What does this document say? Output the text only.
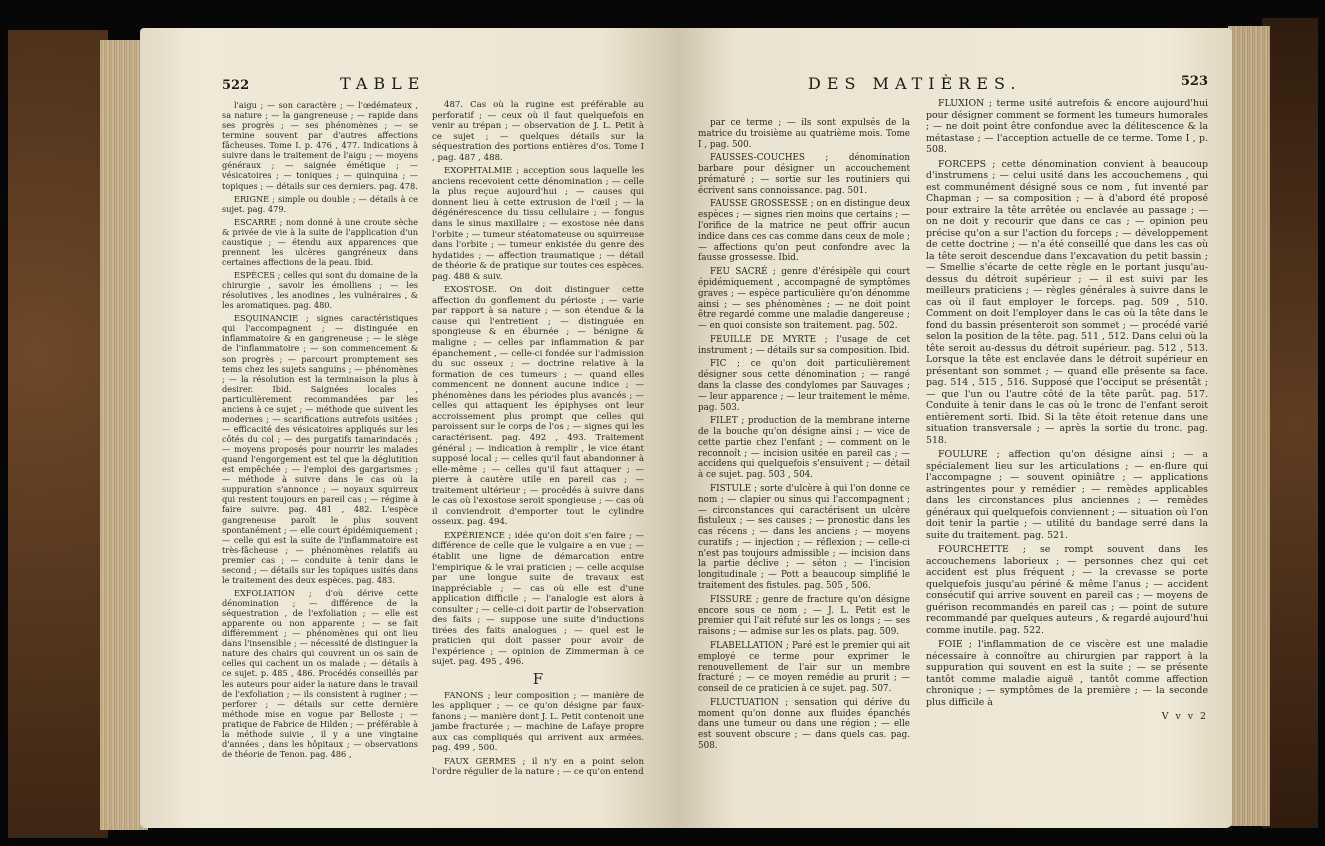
522	TABLE

l'aigu ; — son caractère ; — l'œdémateux , sa nature ; — la gangreneuse ; — rapide dans ses progrès ; — ses phénomènes ; — se termine souvent par d'autres affections fâcheuses. Tome I. p. 476 , 477. Indications à suivre dans le traitement de l'aigu ; — moyens généraux ; — saignée émétique ; — vésicatoires ; — toniques ; — quinquina ; — topiques ; — détails sur ces derniers. pag. 478.

ERIGNE ; simple ou double ; — détails à ce sujet. pag. 479.

ESCARRE ; nom donné à une croute sèche & privée de vie à la suite de l'application d'un caustique ; — étendu aux apparences que prennent les ulcères gangréneux dans certaines affections de la peau. Ibid.

ESPÈCES ; celles qui sont du domaine de la chirurgie , savoir les émolliens ; — les résolutives , les anodines , les vulnéraires , & les aromatiques. pag. 480.

ESQUINANCIE ; signes caractéristiques qui l'accompagnent ; — distinguée en inflammatoire & en gangreneuse ; — le siège de l'inflammatoire ; — son commencement & son progrès ; — parcourt promptement ses tems chez les sujets sanguins ; — phénomènes ; — la résolution est la terminaison la plus à desirer. Ibid. Saignées locales , particulièrement recommandées par les anciens à ce sujet ; — méthode que suivent les modernes ; — scarifications autrefois usitées ; — efficacité des vésicatoires appliqués sur les côtés du col ; — des purgatifs tamarindacés ; — moyens proposés pour nourrir les malades quand l'engorgement est tel que la déglutition est empêchée ; — l'emploi des gargarismes ; — méthode à suivre dans le cas où la suppuration s'annonce ; — noyaux squirreux qui restent toujours en pareil cas ; — régime à faire suivre. pag. 481 , 482. L'espèce gangreneuse paroît le plus souvent spontanément ; — elle court épidémiquement ; — celle qui est la suite de l'inflammatoire est très-fâcheuse ; — phénomènes relatifs au premier cas ; — conduite à tenir dans le second ; — détails sur les topiques usités dans le traitement des deux espèces. pag. 483.

EXFOLIATION ; d'où dérive cette dénomination ; — différence de la séquestration , de l'exfoliation ; — elle est apparente ou non apparente ; — se fait différemment ; — phénomènes qui ont lieu dans l'insensible ; — nécessité de distinguer la nature des chairs qui couvrent un os sain de celles qui cachent un os malade ; — détails à ce sujet. p. 485 , 486. Procédés conseillés par les auteurs pour aider la nature dans le travail de l'exfoliation ; — ils consistent à ruginer ; — perforer ; — détails sur cette dernière méthode mise en vogue par Belloste ; — pratique de Fabrice de Hilden ; — préférable à la méthode suivie , il y a une vingtaine d'années , dans les hôpitaux ; — observations de théorie de Tenon. pag. 486 ,

487. Cas où la rugine est préférable au perforatif ; — ceux où il faut quelquefois en venir au trépan ; — observation de J. L. Petit à ce sujet ; — quelques détails sur la séquestration des portions entières d'os. Tome I , pag. 487 , 488.

EXOPHTALMIE ; acception sous laquelle les anciens recevoient cette dénomination ; — celle la plus reçue aujourd'hui ; — causes qui donnent lieu à cette extrusion de l'œil ; — la dégénérescence du tissu cellulaire ; — fongus dans le sinus maxillaire ; — exostose née dans l'orbite ; — tumeur stéatomateuse ou squirreuse dans l'orbite ; — tumeur enkistée du genre des hydatides ; — affection traumatique ; — détail de théorie & de pratique sur toutes ces espèces. pag. 488 & suiv.

EXOSTOSE. On doit distinguer cette affection du gonflement du périoste ; — varie par rapport à sa nature ; — son étendue & la cause qui l'entretient ; — distinguée en spongieuse & en éburnée ; — bénigne & maligne ; — celles par inflammation & par épanchement , — celle-ci fondée sur l'admission du suc osseux ; — doctrine relative à la formation de ces tumeurs ; — quand elles commencent ne donnent aucune indice ; — phénomènes dans les périodes plus avancés ; — celles qui attaquent les épiphyses ont leur accroissement plus prompt que celles qui paroissent sur le corps de l'os ; — signes qui les caractérisent. pag. 492 , 493. Traitement général ; — indication à remplir , le vice étant supposé local ; — celles qu'il faut abandonner à elle-même ; — celles qu'il faut attaquer ; — pierre à cautère utile en pareil cas ; — traitement ultérieur ; — procédés à suivre dans le cas où l'exostose seroit spongieuse ; — cas où il conviendroit d'emporter tout le cylindre osseux. pag. 494.

EXPÉRIENCE ; idée qu'on doit s'en faire ; — différence de celle que le vulgaire a en vue ; — établit une ligne de démarcation entre l'empirique & le vrai praticien ; — celle acquise par une longue suite de travaux est inappréciable ; — cas où elle est d'une application difficile ; — l'analogie est alors à consulter ; — celle-ci doit partir de l'observation des faits ; — suppose une suite d'inductions tirées des faits analogues ; — quel est le praticien qui doit passer pour avoir de l'expérience ; — opinion de Zimmerman à ce sujet. pag. 495 , 496.

F

FANONS ; leur composition ; — manière de les appliquer ; — ce qu'on désigne par faux-fanons ; — manière dont J. L. Petit contenoit une jambe fracturée ; — machine de Lafaye propre aux cas compliqués qui arrivent aux armées. pag. 499 , 500.

FAUX GERMES ; il n'y en a point selon l'ordre régulier de la nature ; — ce qu'on entend

DES MATIÈRES.	523

par ce terme ; — ils sont expulsés de la matrice du troisième au quatrième mois. Tome I , pag. 500.

FAUSSES-COUCHES ; dénomination barbare pour désigner un accouchement prématuré ; — sortie sur les routiniers qui écrivent sans connoissance. pag. 501.

FAUSSE GROSSESSE ; on en distingue deux espèces ; — signes rien moins que certains ; — l'orifice de la matrice ne peut offrir aucun indice dans ces cas comme dans ceux de mole ; — affections qu'on peut confondre avec la fausse grossesse. Ibid.

FEU SACRÉ ; genre d'érésipèle qui court épidémiquement , accompagné de symptômes graves ; — espèce particulière qu'on dénomme ainsi ; — ses phénomènes ; — ne doit point être regardé comme une maladie dangereuse ; — en quoi consiste son traitement. pag. 502.

FEUILLE DE MYRTE ; l'usage de cet instrument ; — détails sur sa composition. Ibid.

FIC ; ce qu'on doit particulièrement désigner sous cette dénomination ; — rangé dans la classe des condylomes par Sauvages ; — leur apparence ; — leur traitement le même. pag. 503.

FILET ; production de la membrane interne de la bouche qu'on désigne ainsi ; — vice de cette partie chez l'enfant ; — comment on le reconnoît ; — incision usitée en pareil cas ; — accidens qui quelquefois s'ensuivent ; — détail à ce sujet. pag. 503 , 504.

FISTULE ; sorte d'ulcère à qui l'on donne ce nom ; — clapier ou sinus qui l'accompagnent ; — circonstances qui caractérisent un ulcère fistuleux ; — ses causes ; — pronostic dans les cas récens ; — dans les anciens ; — moyens curatifs ; — injection ; — réflexion ; — celle-ci n'est pas toujours admissible ; — incision dans la partie déclive ; — séton ; — l'incision longitudinale ; — Pott a beaucoup simplifié le traitement des fistules. pag. 505 , 506.

FISSURE ; genre de fracture qu'on désigne encore sous ce nom ; — J. L. Petit est le premier qui l'ait réfuté sur les os longs ; — ses raisons ; — admise sur les os plats. pag. 509.

FLABELLATION ; Paré est le premier qui ait employé ce terme pour exprimer le renouvellement de l'air sur un membre fracturé ; — ce moyen remédie au prurit ; — conseil de ce praticien à ce sujet. pag. 507.

FLUCTUATION ; sensation qui dérive du moment qu'on donne aux fluides épanchés dans une tumeur ou dans une région ; — elle est souvent obscure ; — dans quels cas. pag. 508.

FLUXION ; terme usité autrefois & encore aujourd'hui pour désigner comment se forment les tumeurs humorales ; — ne doit point être confondue avec la délitescence & la métastase ; — l'acception actuelle de ce terme. Tome I , p. 508.

FORCEPS ; cette dénomination convient à beaucoup d'instrumens ; — celui usité dans les accouchemens , qui est communément désigné sous ce nom , fut inventé par Chapman ; — sa composition ; — à d'abord été proposé pour extraire la tête arrêtée ou enclavée au passage ; — on ne doit y recourir que dans ce cas ; — opinion peu précise qu'on a sur l'action du forceps ; — développement de cette doctrine ; — n'a été conseillé que dans les cas où la tête seroit descendue dans l'excavation du petit bassin ; — Smellie s'écarte de cette règle en le portant jusqu'au-dessus du détroit supérieur ; — il est suivi par les meilleurs praticiens ; — règles générales à suivre dans le cas où il faut employer le forceps. pag. 509 , 510. Comment on doit l'employer dans le cas où la tête dans le fond du bassin présenteroit son sommet ; — procédé varié selon la position de la tête. pag. 511 , 512. Dans celui où la tête seroit au-dessus du détroit supérieur. pag. 512 , 513. Lorsque la tête est enclavée dans le détroit supérieur en présentant son sommet ; — quand elle présente sa face. pag. 514 , 515 , 516. Supposé que l'occiput se présentât ; — que l'un ou l'autre côté de la tête parût. pag. 517. Conduite à tenir dans le cas où le tronc de l'enfant seroit entièrement sorti. Ibid. Si la tête étoit retenue dans une situation transversale ; — après la sortie du tronc. pag. 518.

FOULURE ; affection qu'on désigne ainsi ; — a spécialement lieu sur les articulations ; — en-flure qui l'accompagne ; — souvent opiniâtre ; — applications astringentes pour y remédier ; — remèdes applicables dans les circonstances plus anciennes ; — remèdes généraux qui quelquefois conviennent ; — situation où l'on doit tenir la partie ; — utilité du bandage serré dans la suite du traitement. pag. 521.

FOURCHETTE ; se rompt souvent dans les accouchemens laborieux ; — personnes chez qui cet accident est plus fréquent ; — la crevasse se porte quelquefois jusqu'au périné & même l'anus ; — accident consécutif qui arrive souvent en pareil cas ; — moyens de guérison recommandés en pareil cas ; — point de suture recommandé par quelques auteurs , & regardé aujourd'hui comme inutile. pag. 522.

FOIE ; l'inflammation de ce viscère est une maladie nécessaire à connoître au chirurgien par rapport à la suppuration qui souvent en est la suite ; — se présente tantôt comme maladie aiguë , tantôt comme affection chronique ; — symptômes de la première ; — la seconde plus difficile à

V v v 2
